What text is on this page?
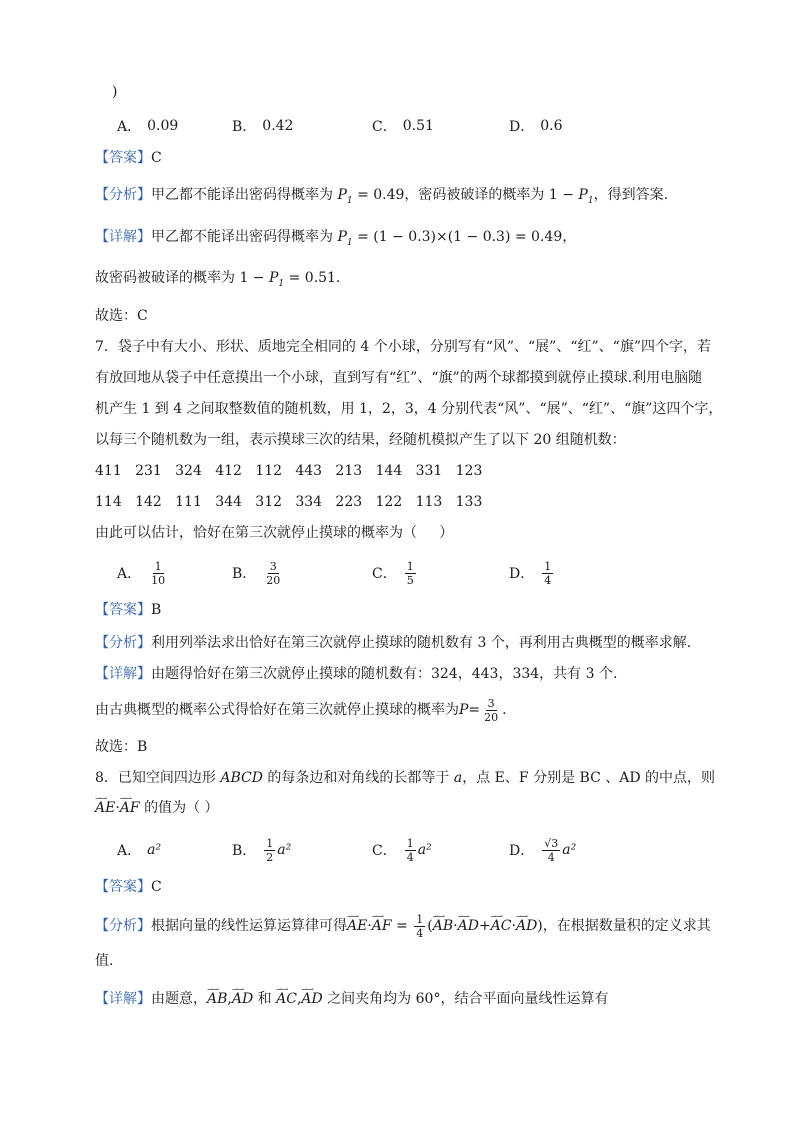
)
A． 0.09	B． 0.42	C． 0.51	D． 0.6
【答案】C
【分析】甲乙都不能译出密码得概率为 $P_1 = 0.49$，密码被破译的概率为 $1 - P_1$，得到答案.
【详解】甲乙都不能译出密码得概率为 $P_1 = (1 - 0.3)\times(1 - 0.3) = 0.49$，
故密码被破译的概率为 $1 - P_1 = 0.51$.
故选：C
7．袋子中有大小、形状、质地完全相同的 4 个小球，分别写有“风”、“展”、“红”、“旗”四个字，若
有放回地从袋子中任意摸出一个小球，直到写有“红”、“旗”的两个球都摸到就停止摸球.利用电脑随
机产生 1 到 4 之间取整数值的随机数，用 1，2，3，4 分别代表“风”、“展”、“红”、“旗”这四个字，
以每三个随机数为一组，表示摸球三次的结果，经随机模拟产生了以下 20 组随机数：
411   231   324   412   112   443   213   144   331   123
114   142   111   344   312   334   223   122   113   133
由此可以估计，恰好在第三次就停止摸球的概率为（     ）
A． $\frac{1}{10}$	B． $\frac{3}{20}$	C． $\frac{1}{5}$	D． $\frac{1}{4}$
【答案】B
【分析】利用列举法求出恰好在第三次就停止摸球的随机数有 3 个，再利用古典概型的概率求解.
【详解】由题得恰好在第三次就停止摸球的随机数有：324，443，334，共有 3 个.
由古典概型的概率公式得恰好在第三次就停止摸球的概率为 $P = \frac{3}{20}$ .
故选：B
8．已知空间四边形 ABCD 的每条边和对角线的长都等于 a，点 E、F 分别是 BC 、AD 的中点，则
⇀⇀ AE·⇀⇀ AF 的值为（ ）
A． a²	B． $\frac{1}{2} a^2$	C． $\frac{1}{4} a^2$	D． $\frac{√3}{4} a^2$
【答案】C
【分析】 根据向量的线性运算运算律可得 ⇀⇀ AE · ⇀⇀ AF = $\frac{1}{4}$ ( ⇀⇀ AB · ⇀⇀ AD + ⇀⇀ AC · ⇀⇀ AD ) ，在根据数量积的定义求其
值.
【详解】由题意，⇀⇀ AB,⇀⇀ AD 和 ⇀⇀ AC,⇀⇀ AD 之间夹角均为 60°，结合平面向量线性运算有
